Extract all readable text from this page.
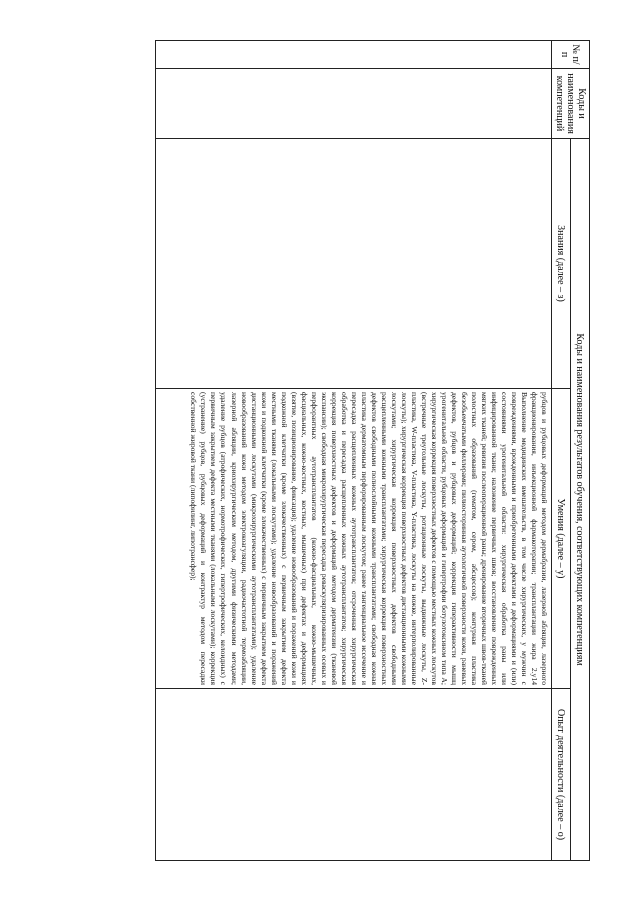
№ п/п	Коды и наименования компетенций	Коды и наименования результатов обучения, соответствующих компетенциям		
		Знания (далее – з)	Умения (далее – у)	Опыт деятельности (далее – о)
			рубцов и рубцовых деформаций методом дермабразии, лазерной абляции, лазерного фракционирования, инъекционной фармакотерапии; трансплантации жира 2.у14 Выполнение медицинских вмешательств, в том числе хирургических, у мужчин с повреждениями, врожденными и приобретенными дефектами и деформациями и (или) состояниями урогенитальной области: хирургическая обработка раны или инфицированной ткани; наложение первичных швов; восстановление поврежденных мягких тканей; ревизия послеоперационной раны; дренирование вторичных швов-тканей полостных образований (гематом, сером, абсцессов); контурная пластика безобъемчатыми филлерами; пилиосторинная аутологичной поверхности кожи, раневых дефектов, рубцов и рубцовых деформаций; коррекция гиперактивности мышц урогенитальной области, рубцовых деформаций и гипертрофии ботулотоксином типа А; хирургическая коррекция поверхностных дефектов с помощью местных кожных лоскутов (встречные треугольные лоскуты, ротационные лоскуты, выдвижные лоскуты, Z-пластика, W-пластика, V-пластика, Y-пластика, лоскуты на ножке, интерполированные лоскуты); хирургическая коррекция поверхностных дефектов дистанционными кожными лоскутами; хирургическая коррекция поверхностных дефектов свободными расщепленными кожными трансплантатами; хирургическая коррекция поверхностных дефектов свободными полнослойными кожными трансплантатами; свободная кожная пластика дерматомным перфорированным лоскутом; ранее тангенциальное иссечение и пересадка расщепленных кожных аутотрансплантатов; отсроченная хирургическая обработка и пересадка расщепленных кожных аутотрансплантатов; хирургическая коррекция поверхностных дефектов и деформаций методом дерматензии (тканевой экспансии); свободная микрохирургическая пересадка реваскуляризированных осевых и перфорантных аутотрансплантатов (кожно-фасциальных, кожно-мышечных, фасциальных, кожно-костных, костных, мышечных) при дефектах и деформациях (взятие, позиционирование, фиксация); удаление новообразований и поражений кожи и подкожной клетчатки (кроме злокачественных) с первичным закрытием дефекта местными тканями (локальными лоскутами); удаление новообразований и поражений кожи и подкожной клетчатки (кроме злокачественных) с первичным закрытием дефекта дистанционными лоскутами (микрохирургическими аутотрансплантатами); удаление новообразований кожи методом электрокоагуляции, радиочастотной термоабляции, лазерной абляции, криохирургическим методом, другими физическими методами; удаление рубцов (атрофических, нормотрофических, гипертрофических, келоидных) с первичным закрытием дефекта местными тканями (локальными лоскутами); коррекция (устранение) рубцов, рубцовых деформаций и контрактур методом пересадки собственной жировой ткани (липофилинг, липотрансфер);	
